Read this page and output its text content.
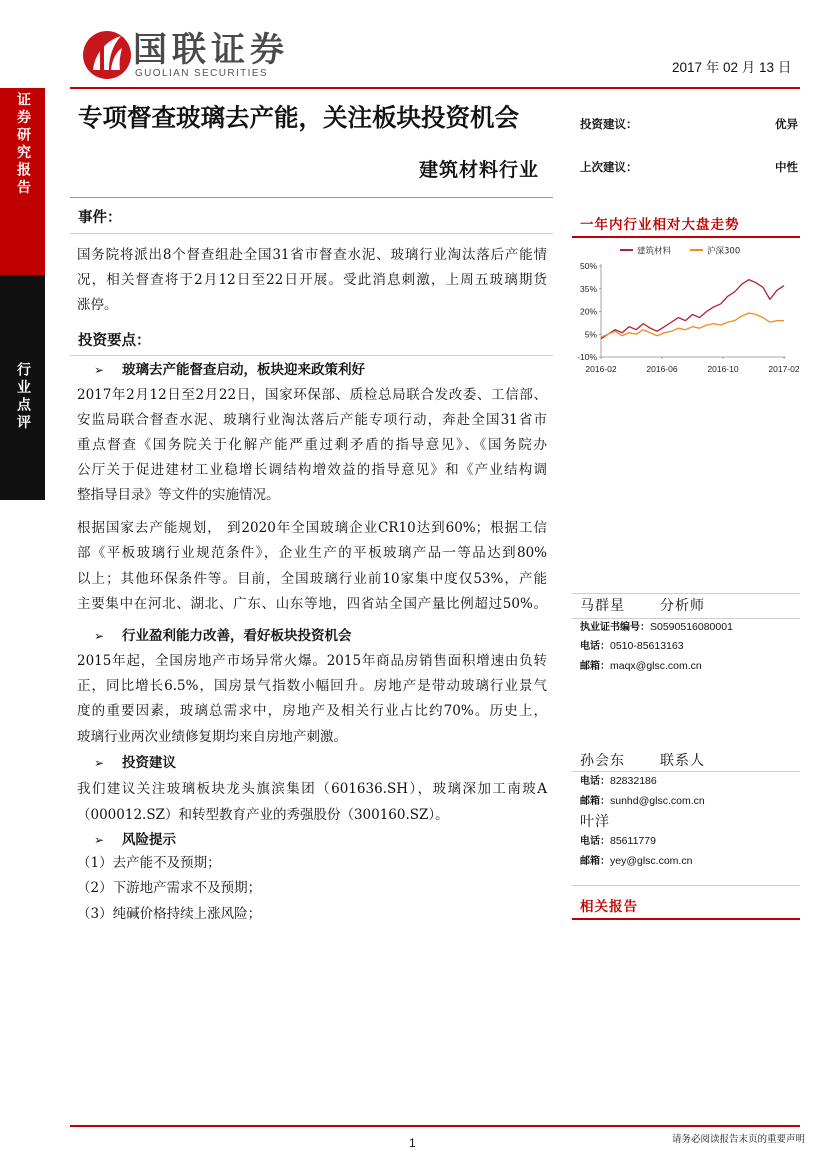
国联证券
GUOLIAN SECURITIES	2017 年 02 月 13 日
证券研究报告
行业点评
专项督查玻璃去产能，关注板块投资机会
建筑材料行业
投资建议：	优异
上次建议：	中性
事件：
国务院将派出8个督查组赴全国31省市督查水泥、玻璃行业淘汰落后产能情
况，相关督查将于2月12日至22日开展。受此消息刺激，上周五玻璃期货
涨停。
投资要点：
➢ 玻璃去产能督查启动，板块迎来政策利好
2017年2月12日至2月22日，国家环保部、质检总局联合发改委、工信部、
安监局联合督查水泥、玻璃行业淘汰落后产能专项行动，奔赴全国31省市
重点督查《国务院关于化解产能严重过剩矛盾的指导意见》、《国务院办
公厅关于促进建材工业稳增长调结构增效益的指导意见》和《产业结构调
整指导目录》等文件的实施情况。
根据国家去产能规划， 到2020年全国玻璃企业CR10达到60%；根据工信
部《平板玻璃行业规范条件》，企业生产的平板玻璃产品一等品达到80%
以上；其他环保条件等。目前，全国玻璃行业前10家集中度仅53%，产能
主要集中在河北、湖北、广东、山东等地，四省站全国产量比例超过50%。
➢ 行业盈利能力改善，看好板块投资机会
2015年起，全国房地产市场异常火爆。2015年商品房销售面积增速由负转
正，同比增长6.5%，国房景气指数小幅回升。房地产是带动玻璃行业景气
度的重要因素，玻璃总需求中，房地产及相关行业占比约70%。历史上，
玻璃行业两次业绩修复期均来自房地产刺激。
➢ 投资建议
我们建议关注玻璃板块龙头旗滨集团（601636.SH），玻璃深加工南玻A
（000012.SZ）和转型教育产业的秀强股份（300160.SZ）。
➢ 风险提示
（1）去产能不及预期；
（2）下游地产需求不及预期；
（3）纯碱价格持续上涨风险；
一年内行业相对大盘走势
50%
35%
20%
5%
-10%
2016-02	2016-06	2016-10	2017-02
建筑材料	沪深300
马群星	分析师
执业证书编号：S0590516080001
电话：0510-85613163
邮箱：maqx@glsc.com.cn
孙会东	联系人
电话：82832186
邮箱：sunhd@glsc.com.cn
叶洋
电话：85611779
邮箱：yey@glsc.com.cn
相关报告
1	请务必阅读报告末页的重要声明
